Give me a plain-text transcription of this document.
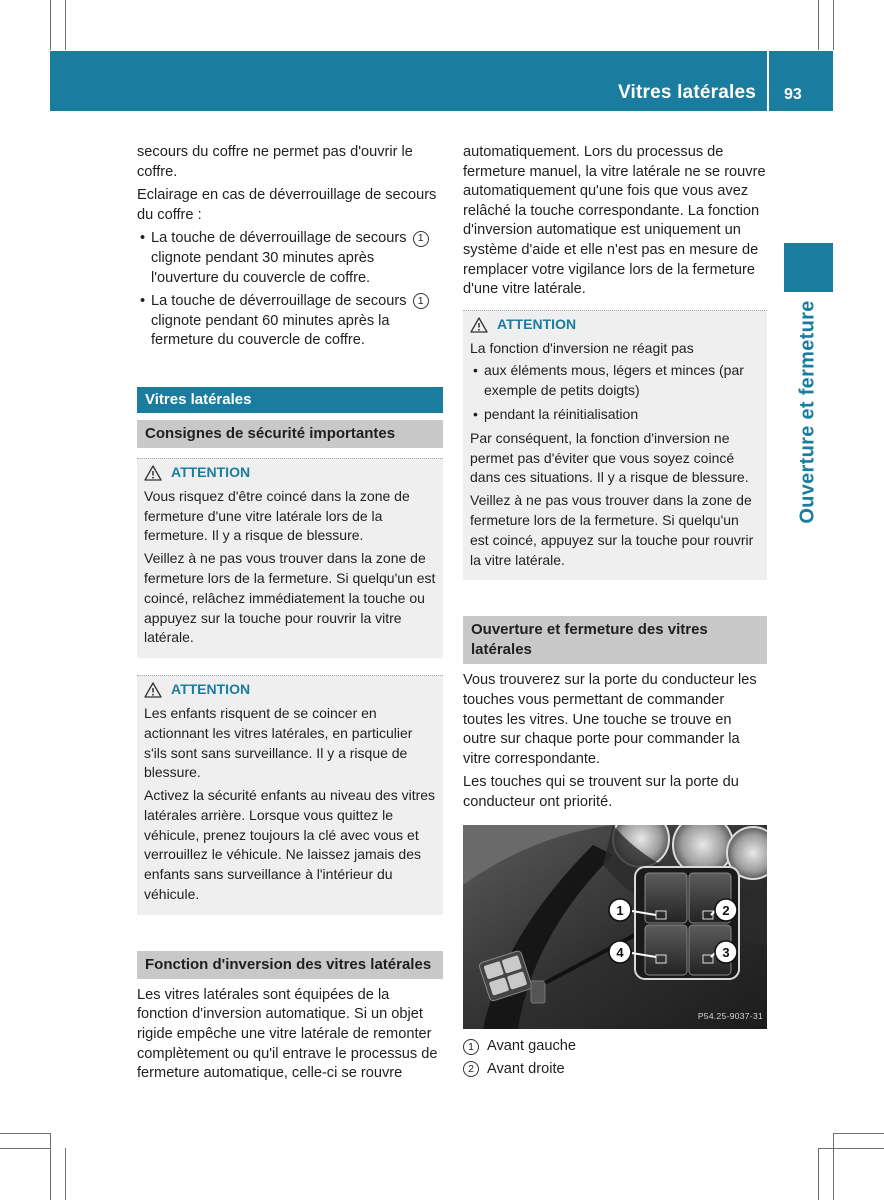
Vitres latérales 93
Ouverture et fermeture

secours du coffre ne permet pas d'ouvrir le coffre.

Eclairage en cas de déverrouillage de secours du coffre :

• La touche de déverrouillage de secours 1 clignote pendant 30 minutes après l'ouverture du couvercle de coffre.
• La touche de déverrouillage de secours 1 clignote pendant 60 minutes après la fermeture du couvercle de coffre.
Vitres latérales
Consignes de sécurité importantes
ATTENTION

Vous risquez d'être coincé dans la zone de fermeture d'une vitre latérale lors de la fermeture. Il y a risque de blessure.

Veillez à ne pas vous trouver dans la zone de fermeture lors de la fermeture. Si quelqu'un est coincé, relâchez immédiatement la touche ou appuyez sur la touche pour rouvrir la vitre latérale.

ATTENTION

Les enfants risquent de se coincer en actionnant les vitres latérales, en particulier s'ils sont sans surveillance. Il y a risque de blessure.

Activez la sécurité enfants au niveau des vitres latérales arrière. Lorsque vous quittez le véhicule, prenez toujours la clé avec vous et verrouillez le véhicule. Ne laissez jamais des enfants sans surveillance à l'intérieur du véhicule.

Fonction d'inversion des vitres latérales

Les vitres latérales sont équipées de la fonction d'inversion automatique. Si un objet rigide empêche une vitre latérale de remonter complètement ou qu'il entrave le processus de fermeture automatique, celle-ci se rouvre

automatiquement. Lors du processus de fermeture manuel, la vitre latérale ne se rouvre automatiquement qu'une fois que vous avez relâché la touche correspondante. La fonction d'inversion automatique est uniquement un système d'aide et elle n'est pas en mesure de remplacer votre vigilance lors de la fermeture d'une vitre latérale.

ATTENTION

La fonction d'inversion ne réagit pas

• aux éléments mous, légers et minces (par exemple de petits doigts)
• pendant la réinitialisation

Par conséquent, la fonction d'inversion ne permet pas d'éviter que vous soyez coincé dans ces situations. Il y a risque de blessure.

Veillez à ne pas vous trouver dans la zone de fermeture lors de la fermeture. Si quelqu'un est coincé, appuyez sur la touche pour rouvrir la vitre latérale.

Ouverture et fermeture des vitres latérales

Vous trouverez sur la porte du conducteur les touches vous permettant de commander toutes les vitres. Une touche se trouve en outre sur chaque porte pour commander la vitre correspondante.

Les touches qui se trouvent sur la porte du conducteur ont priorité.

1	2
3
4
P54.25-9037-31
1 Avant gauche
2 Avant droite
